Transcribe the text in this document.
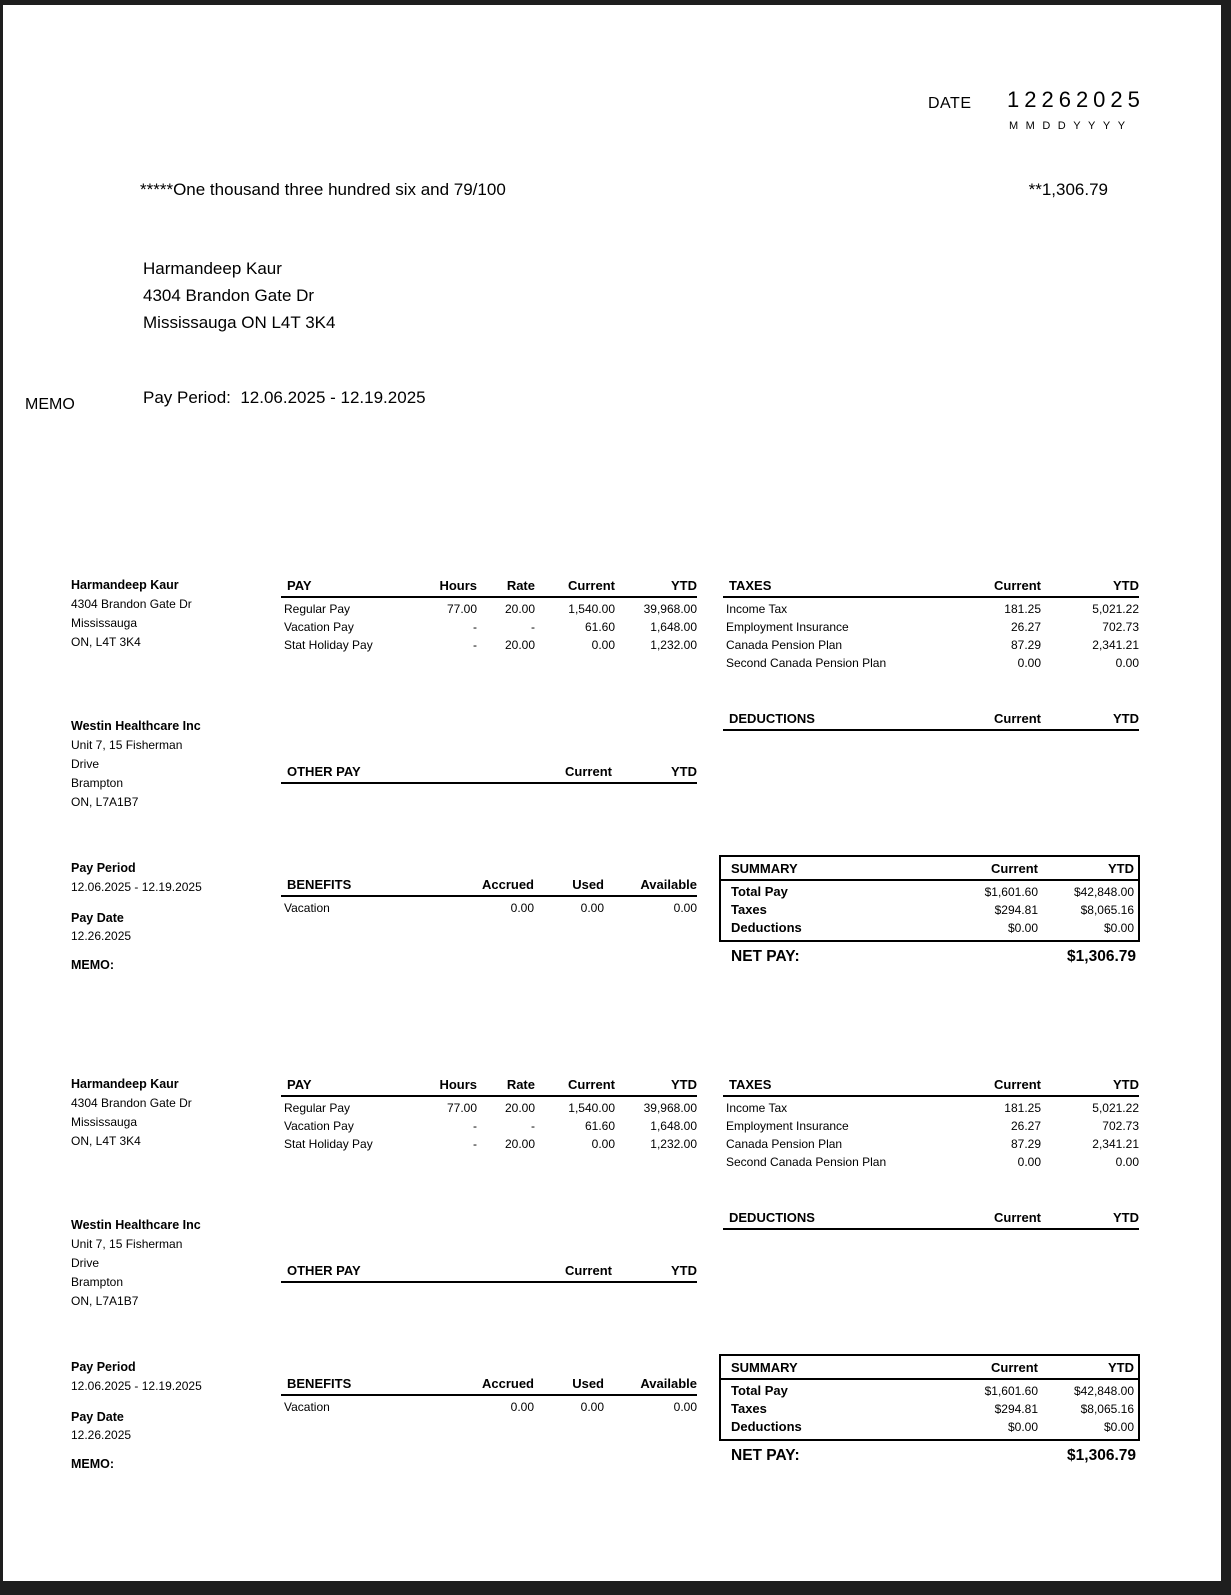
DATE 12262025
MMDDYYYY
*****One thousand three hundred six and 79/100	**1,306.79
Harmandeep Kaur
4304 Brandon Gate Dr
Mississauga ON L4T 3K4
MEMO	Pay Period:  12.06.2025 - 12.19.2025
Harmandeep Kaur
4304 Brandon Gate Dr
Mississauga
ON, L4T 3K4
Westin Healthcare Inc
Unit 7, 15 Fisherman
Drive
Brampton
ON, L7A1B7
Pay Period
12.06.2025 - 12.19.2025
Pay Date
12.26.2025
MEMO:
PAY	Hours	Rate	Current	YTD
Regular Pay	77.00	20.00	1,540.00	39,968.00
Vacation Pay	-	-	61.60	1,648.00
Stat Holiday Pay	-	20.00	0.00	1,232.00
TAXES	Current	YTD
Income Tax	181.25	5,021.22
Employment Insurance	26.27	702.73
Canada Pension Plan	87.29	2,341.21
Second Canada Pension Plan	0.00	0.00
DEDUCTIONS	Current	YTD
OTHER PAY	Current	YTD
BENEFITS	Accrued	Used	Available
Vacation	0.00	0.00	0.00
SUMMARY	Current	YTD
Total Pay	$1,601.60	$42,848.00
Taxes	$294.81	$8,065.16
Deductions	$0.00	$0.00
NET PAY:	$1,306.79
Harmandeep Kaur
4304 Brandon Gate Dr
Mississauga
ON, L4T 3K4
Westin Healthcare Inc
Unit 7, 15 Fisherman
Drive
Brampton
ON, L7A1B7
Pay Period
12.06.2025 - 12.19.2025
Pay Date
12.26.2025
MEMO:
PAY	Hours	Rate	Current	YTD
Regular Pay	77.00	20.00	1,540.00	39,968.00
Vacation Pay	-	-	61.60	1,648.00
Stat Holiday Pay	-	20.00	0.00	1,232.00
TAXES	Current	YTD
Income Tax	181.25	5,021.22
Employment Insurance	26.27	702.73
Canada Pension Plan	87.29	2,341.21
Second Canada Pension Plan	0.00	0.00
DEDUCTIONS	Current	YTD
OTHER PAY	Current	YTD
BENEFITS	Accrued	Used	Available
Vacation	0.00	0.00	0.00
SUMMARY	Current	YTD
Total Pay	$1,601.60	$42,848.00
Taxes	$294.81	$8,065.16
Deductions	$0.00	$0.00
NET PAY:	$1,306.79
